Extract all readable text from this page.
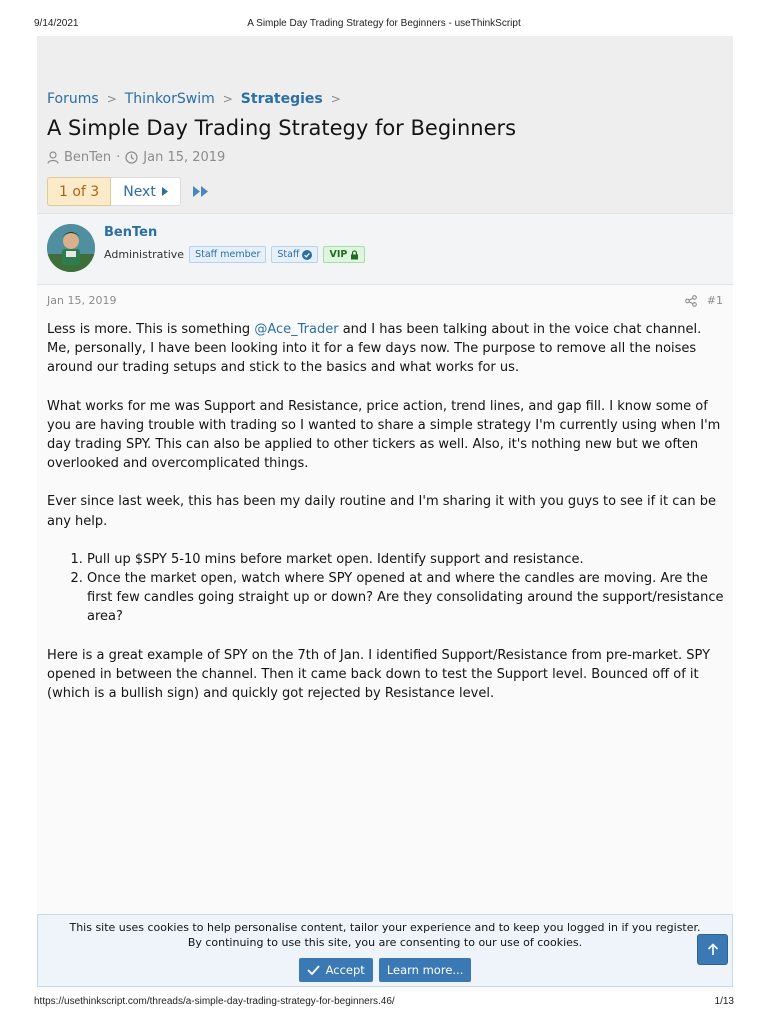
9/14/2021	A Simple Day Trading Strategy for Beginners - useThinkScript
Forums > ThinkorSwim > Strategies >
A Simple Day Trading Strategy for Beginners
BenTen · Jan 15, 2019
1 of 3	Next
BenTen
Administrative Staff member Staff	VIP
Jan 15, 2019	#1

Less is more. This is something @Ace_Trader and I has been talking about in the voice chat channel. Me, personally, I have been looking into it for a few days now. The purpose to remove all the noises around our trading setups and stick to the basics and what works for us.

What works for me was Support and Resistance, price action, trend lines, and gap fill. I know some of you are having trouble with trading so I wanted to share a simple strategy I'm currently using when I'm day trading SPY. This can also be applied to other tickers as well. Also, it's nothing new but we often overlooked and overcomplicated things.

Ever since last week, this has been my daily routine and I'm sharing it with you guys to see if it can be any help.

1. Pull up $SPY 5-10 mins before market open. Identify support and resistance.
2. Once the market open, watch where SPY opened at and where the candles are moving. Are the first few candles going straight up or down? Are they consolidating around the support/resistance area?

Here is a great example of SPY on the 7th of Jan. I identified Support/Resistance from pre-market. SPY opened in between the channel. Then it came back down to test the Support level. Bounced off of it (which is a bullish sign) and quickly got rejected by Resistance level.

This site uses cookies to help personalise content, tailor your experience and to keep you logged in if you register.
By continuing to use this site, you are consenting to our use of cookies.
Accept Learn more...
https://usethinkscript.com/threads/a-simple-day-trading-strategy-for-beginners.46/	1/13
